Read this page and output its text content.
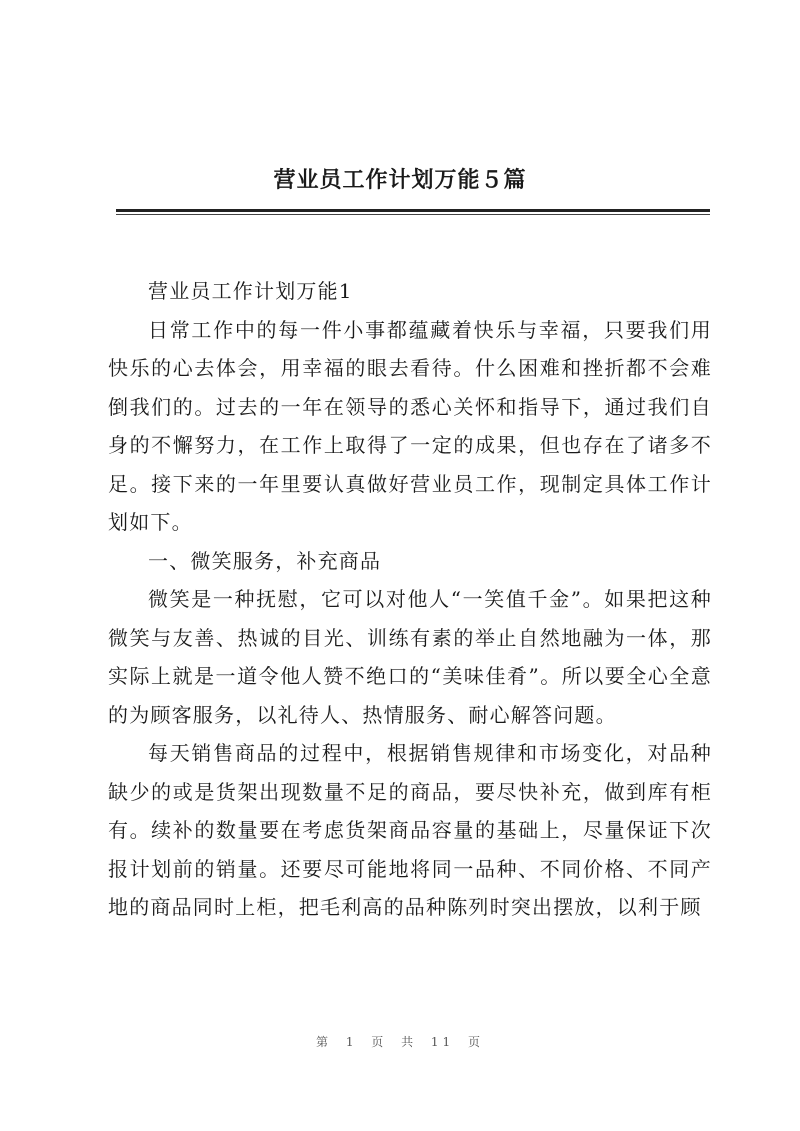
营业员工作计划万能５篇

营业员工作计划万能1

日常工作中的每一件小事都蕴藏着快乐与幸福，只要我们用快乐的心去体会，用幸福的眼去看待。什么困难和挫折都不会难倒我们的。过去的一年在领导的悉心关怀和指导下，通过我们自身的不懈努力，在工作上取得了一定的成果，但也存在了诸多不足。接下来的一年里要认真做好营业员工作，现制定具体工作计划如下。

一、微笑服务，补充商品

微笑是一种抚慰，它可以对他人“一笑值千金”。如果把这种微笑与友善、热诚的目光、训练有素的举止自然地融为一体，那实际上就是一道令他人赞不绝口的“美味佳肴”。所以要全心全意的为顾客服务，以礼待人、热情服务、耐心解答问题。

每天销售商品的过程中，根据销售规律和市场变化，对品种缺少的或是货架出现数量不足的商品，要尽快补充，做到库有柜有。续补的数量要在考虑货架商品容量的基础上，尽量保证下次报计划前的销量。还要尽可能地将同一品种、不同价格、不同产地的商品同时上柜，把毛利高的品种陈列时突出摆放，以利于顾

第 1 页 共 11 页
